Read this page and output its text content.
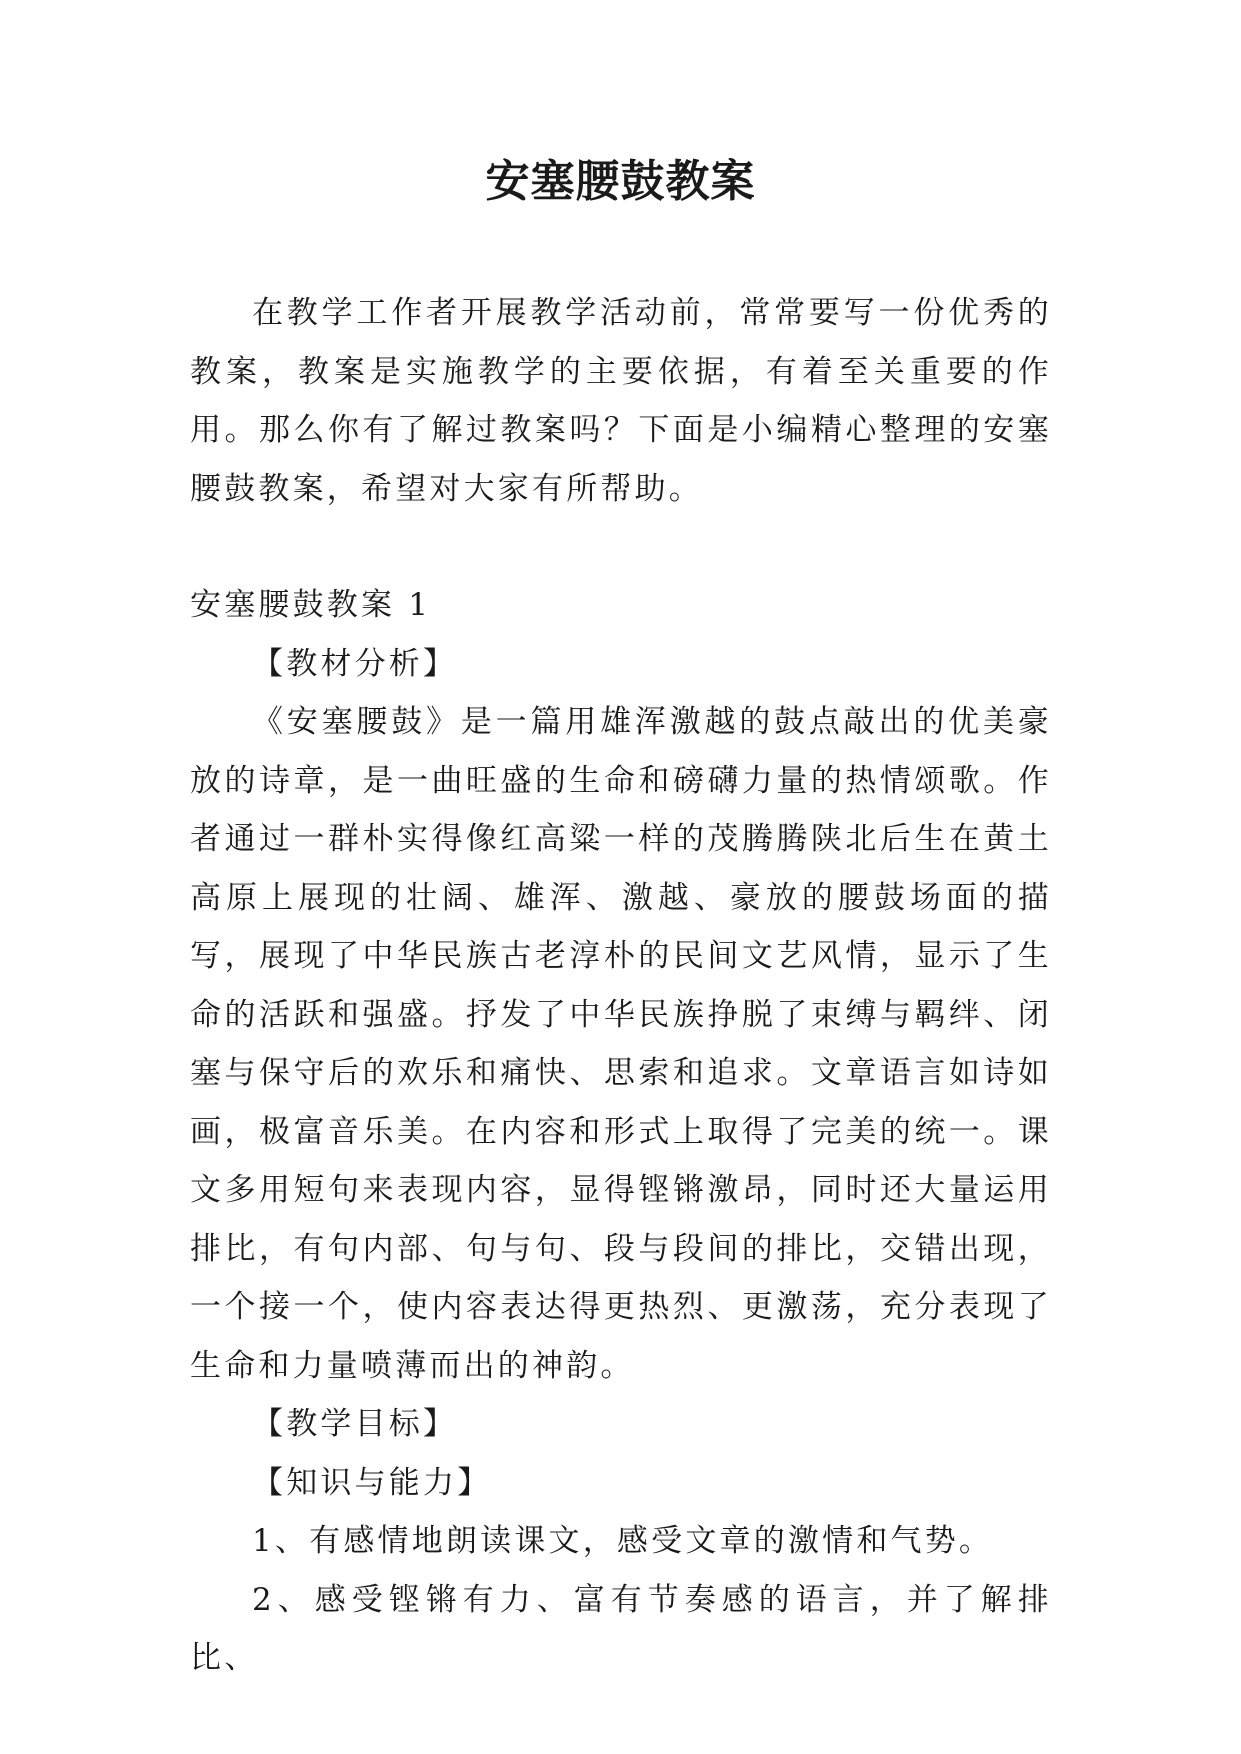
安塞腰鼓教案

在教学工作者开展教学活动前，常常要写一份优秀的教案，教案是实施教学的主要依据，有着至关重要的作用。那么你有了解过教案吗？下面是小编精心整理的安塞腰鼓教案，希望对大家有所帮助。

安塞腰鼓教案 1

【教材分析】

《安塞腰鼓》是一篇用雄浑激越的鼓点敲出的优美豪放的诗章，是一曲旺盛的生命和磅礴力量的热情颂歌。作者通过一群朴实得像红高粱一样的茂腾腾陕北后生在黄土高原上展现的壮阔、雄浑、激越、豪放的腰鼓场面的描写，展现了中华民族古老淳朴的民间文艺风情，显示了生命的活跃和强盛。抒发了中华民族挣脱了束缚与羁绊、闭塞与保守后的欢乐和痛快、思索和追求。文章语言如诗如画，极富音乐美。在内容和形式上取得了完美的统一。课文多用短句来表现内容，显得铿锵激昂，同时还大量运用排比，有句内部、句与句、段与段间的排比，交错出现，一个接一个，使内容表达得更热烈、更激荡，充分表现了生命和力量喷薄而出的神韵。

【教学目标】

【知识与能力】

1、有感情地朗读课文，感受文章的激情和气势。

2、感受铿锵有力、富有节奏感的语言，并了解排比、
